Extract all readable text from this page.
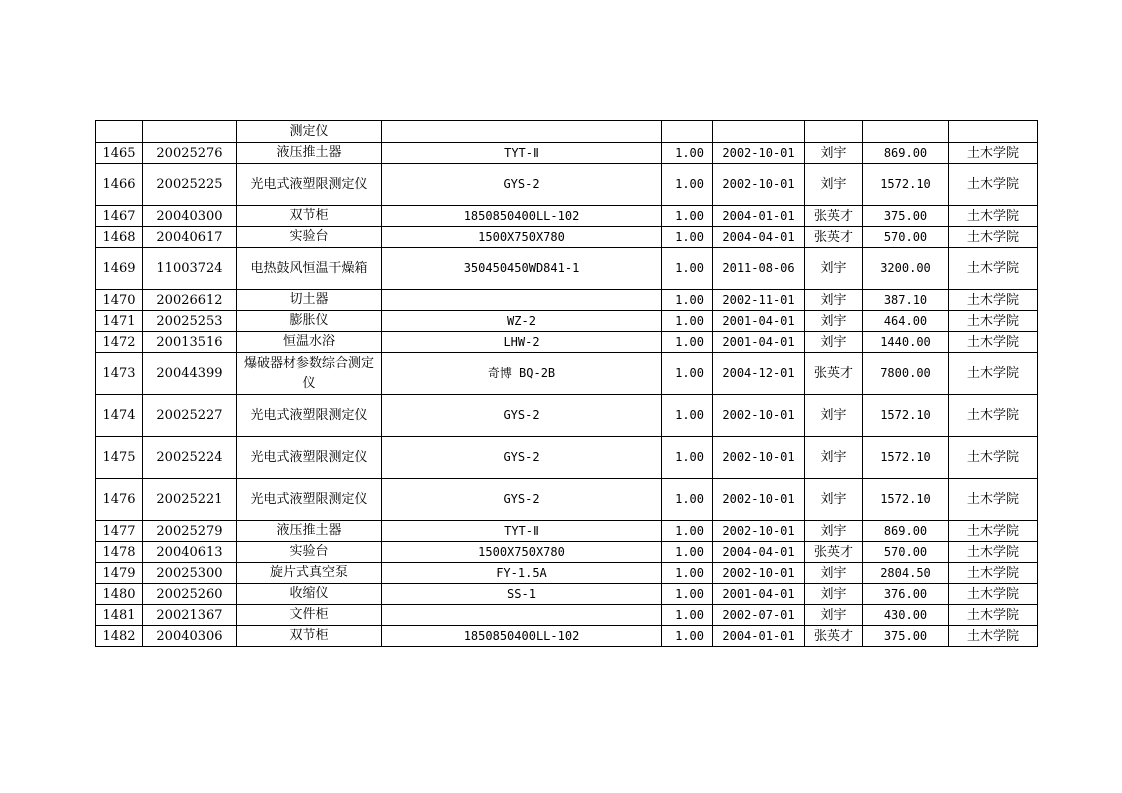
		测定仪						
1465	20025276	液压推土器	TYT-Ⅱ	1.00	2002-10-01	刘宇	869.00	土木学院
1466	20025225	光电式液塑限测定仪	GYS-2	1.00	2002-10-01	刘宇	1572.10	土木学院
1467	20040300	双节柜	1850850400LL-102	1.00	2004-01-01	张英才	375.00	土木学院
1468	20040617	实验台	1500X750X780	1.00	2004-04-01	张英才	570.00	土木学院
1469	11003724	电热鼓风恒温干燥箱	350450450WD841-1	1.00	2011-08-06	刘宇	3200.00	土木学院
1470	20026612	切土器		1.00	2002-11-01	刘宇	387.10	土木学院
1471	20025253	膨胀仪	WZ-2	1.00	2001-04-01	刘宇	464.00	土木学院
1472	20013516	恒温水浴	LHW-2	1.00	2001-04-01	刘宇	1440.00	土木学院
1473	20044399	爆破器材参数综合测定仪	奇博 BQ-2B	1.00	2004-12-01	张英才	7800.00	土木学院
1474	20025227	光电式液塑限测定仪	GYS-2	1.00	2002-10-01	刘宇	1572.10	土木学院
1475	20025224	光电式液塑限测定仪	GYS-2	1.00	2002-10-01	刘宇	1572.10	土木学院
1476	20025221	光电式液塑限测定仪	GYS-2	1.00	2002-10-01	刘宇	1572.10	土木学院
1477	20025279	液压推土器	TYT-Ⅱ	1.00	2002-10-01	刘宇	869.00	土木学院
1478	20040613	实验台	1500X750X780	1.00	2004-04-01	张英才	570.00	土木学院
1479	20025300	旋片式真空泵	FY-1.5A	1.00	2002-10-01	刘宇	2804.50	土木学院
1480	20025260	收缩仪	SS-1	1.00	2001-04-01	刘宇	376.00	土木学院
1481	20021367	文件柜		1.00	2002-07-01	刘宇	430.00	土木学院
1482	20040306	双节柜	1850850400LL-102	1.00	2004-01-01	张英才	375.00	土木学院
